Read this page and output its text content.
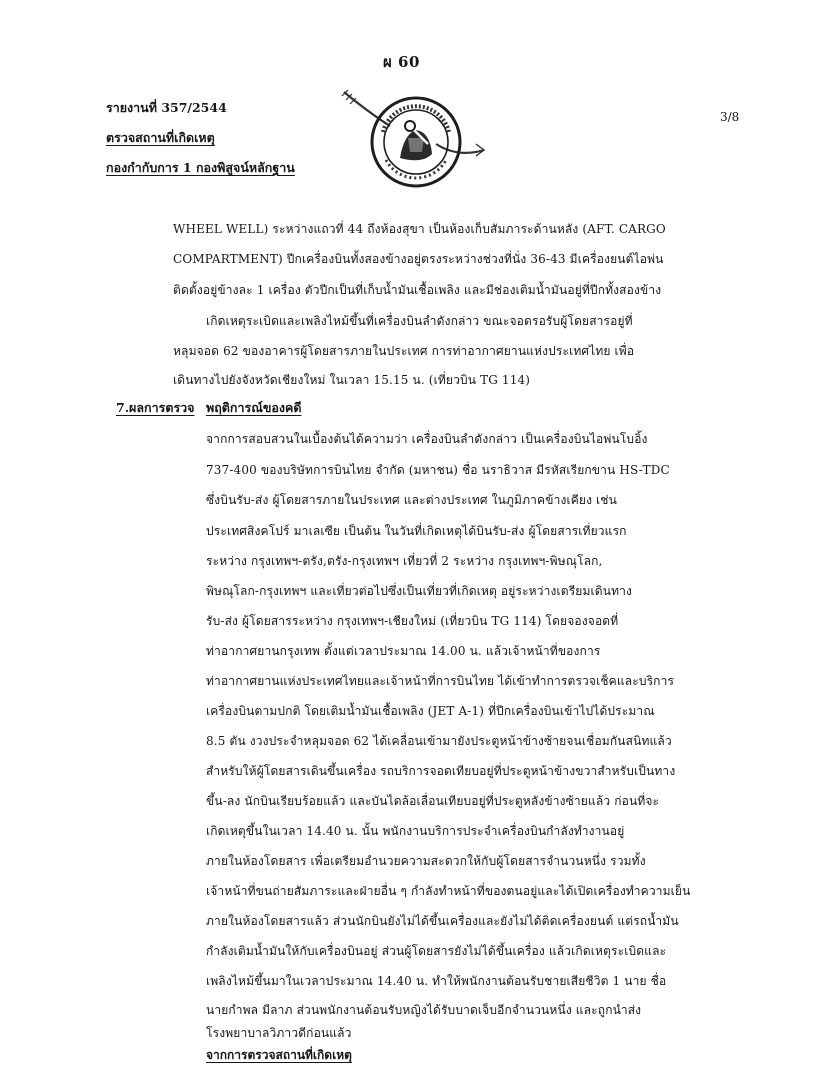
ผ 60
รายงานที่ 357/2544
ตรวจสถานที่เกิดเหตุ
กองกำกับการ 1 กองพิสูจน์หลักฐาน
3/8
WHEEL WELL) ระหว่างแถวที่ 44 ถึงห้องสุขา เป็นห้องเก็บสัมภาระด้านหลัง (AFT. CARGO
COMPARTMENT) ปีกเครื่องบินทั้งสองข้างอยู่ตรงระหว่างช่วงที่นั่ง 36-43 มีเครื่องยนต์ไอพ่น
ติดตั้งอยู่ข้างละ 1 เครื่อง ตัวปีกเป็นที่เก็บน้ำมันเชื้อเพลิง และมีช่องเติมน้ำมันอยู่ที่ปีกทั้งสองข้าง
เกิดเหตุระเบิดและเพลิงไหม้ขึ้นที่เครื่องบินลำดังกล่าว ขณะจอดรอรับผู้โดยสารอยู่ที่
หลุมจอด 62 ของอาคารผู้โดยสารภายในประเทศ การท่าอากาศยานแห่งประเทศไทย เพื่อ
เดินทางไปยังจังหวัดเชียงใหม่ ในเวลา 15.15 น. (เที่ยวบิน TG 114)
7.ผลการตรวจ พฤติการณ์ของคดี
จากการสอบสวนในเบื้องต้นได้ความว่า เครื่องบินลำดังกล่าว เป็นเครื่องบินไอพ่นโบอิ้ง
737-400 ของบริษัทการบินไทย จำกัด (มหาชน) ชื่อ นราธิวาส มีรหัสเรียกขาน HS-TDC
ซึ่งบินรับ-ส่ง ผู้โดยสารภายในประเทศ และต่างประเทศ ในภูมิภาคข้างเคียง เช่น
ประเทศสิงคโปร์ มาเลเซีย เป็นต้น ในวันที่เกิดเหตุได้บินรับ-ส่ง ผู้โดยสารเที่ยวแรก
ระหว่าง กรุงเทพฯ-ตรัง,ตรัง-กรุงเทพฯ เที่ยวที่ 2 ระหว่าง กรุงเทพฯ-พิษณุโลก,
พิษณุโลก-กรุงเทพฯ และเที่ยวต่อไปซึ่งเป็นเที่ยวที่เกิดเหตุ อยู่ระหว่างเตรียมเดินทาง
รับ-ส่ง ผู้โดยสารระหว่าง กรุงเทพฯ-เชียงใหม่ (เที่ยวบิน TG 114) โดยจองจอดที่
ท่าอากาศยานกรุงเทพ ตั้งแต่เวลาประมาณ 14.00 น. แล้วเจ้าหน้าที่ของการ
ท่าอากาศยานแห่งประเทศไทยและเจ้าหน้าที่การบินไทย ได้เข้าทำการตรวจเช็คและบริการ
เครื่องบินตามปกติ โดยเติมน้ำมันเชื้อเพลิง (JET A-1) ที่ปีกเครื่องบินเข้าไปได้ประมาณ
8.5 ตัน งวงประจำหลุมจอด 62 ได้เคลื่อนเข้ามายังประตูหน้าข้างซ้ายจนเชื่อมกันสนิทแล้ว
สำหรับให้ผู้โดยสารเดินขึ้นเครื่อง รถบริการจอดเทียบอยู่ที่ประตูหน้าข้างขวาสำหรับเป็นทาง
ขึ้น-ลง นักบินเรียบร้อยแล้ว และบันไดล้อเลื่อนเทียบอยู่ที่ประตูหลังข้างซ้ายแล้ว ก่อนที่จะ
เกิดเหตุขึ้นในเวลา 14.40 น. นั้น พนักงานบริการประจำเครื่องบินกำลังทำงานอยู่
ภายในห้องโดยสาร เพื่อเตรียมอำนวยความสะดวกให้กับผู้โดยสารจำนวนหนึ่ง รวมทั้ง
เจ้าหน้าที่ขนถ่ายสัมภาระและฝ่ายอื่น ๆ กำลังทำหน้าที่ของตนอยู่และได้เปิดเครื่องทำความเย็น
ภายในห้องโดยสารแล้ว ส่วนนักบินยังไม่ได้ขึ้นเครื่องและยังไม่ได้ติดเครื่องยนต์ แต่รถน้ำมัน
กำลังเติมน้ำมันให้กับเครื่องบินอยู่ ส่วนผู้โดยสารยังไม่ได้ขึ้นเครื่อง แล้วเกิดเหตุระเบิดและ
เพลิงไหม้ขึ้นมาในเวลาประมาณ 14.40 น. ทำให้พนักงานต้อนรับชายเสียชีวิต 1 นาย ชื่อ
นายกำพล มีลาภ ส่วนพนักงานต้อนรับหญิงได้รับบาดเจ็บอีกจำนวนหนึ่ง และถูกนำส่ง
โรงพยาบาลวิภาวดีก่อนแล้ว
จากการตรวจสถานที่เกิดเหตุ
